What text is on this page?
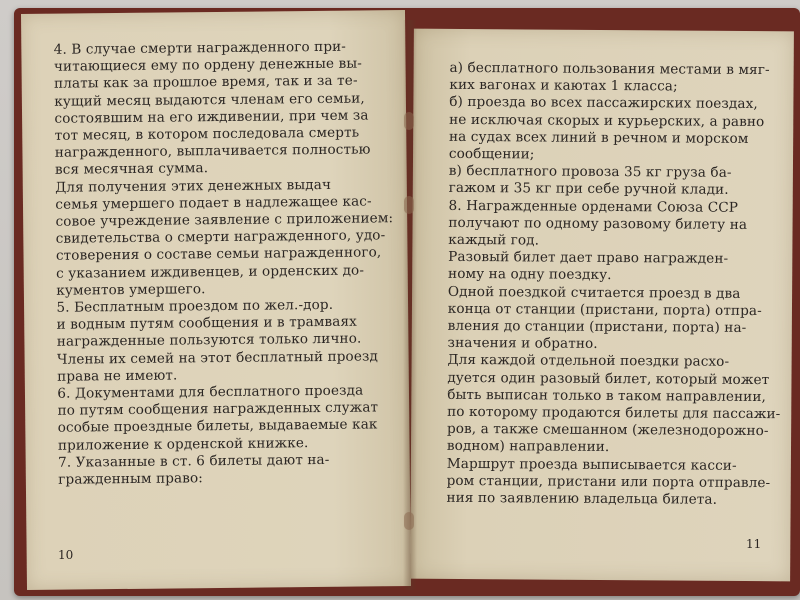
4. В случае смерти награжденного при-

читающиеся ему по ордену денежные вы-

платы как за прошлое время, так и за те-

кущий месяц выдаются членам его семьи,

состоявшим на его иждивении, при чем за

тот месяц, в котором последовала смерть

награжденного, выплачивается полностью

вся месячная сумма.

Для получения этих денежных выдач

семья умершего подает в надлежащее кас-

совое учреждение заявление с приложением:

свидетельства о смерти награжденного, удо-

стоверения о составе семьи награжденного,

с указанием иждивенцев, и орденских до-

кументов умершего.

5. Бесплатным проездом по жел.-дор.

и водным путям сообщения и в трамваях

награжденные пользуются только лично.

Члены их семей на этот бесплатный проезд

права не имеют.

6. Документами для бесплатного проезда

по путям сообщения награжденных служат

особые проездные билеты, выдаваемые как

приложение к орденской книжке.

7. Указанные в ст. 6 билеты дают на-

гражденным право:

10

а) бесплатного пользования местами в мяг-

ких вагонах и каютах 1 класса;

б) проезда во всех пассажирских поездах,

не исключая скорых и курьерских, а равно

на судах всех линий в речном и морском

сообщении;

в) бесплатного провоза 35 кг груза ба-

гажом и 35 кг при себе ручной клади.

8. Награжденные орденами Союза ССР

получают по одному разовому билету на

каждый год.

Разовый билет дает право награжден-

ному на одну поездку.

Одной поездкой считается проезд в два

конца от станции (пристани, порта) отпра-

вления до станции (пристани, порта) на-

значения и обратно.

Для каждой отдельной поездки расхо-

дуется один разовый билет, который может

быть выписан только в таком направлении,

по которому продаются билеты для пассажи-

ров, а также смешанном (железнодорожно-

водном) направлении.

Маршрут проезда выписывается касси-

ром станции, пристани или порта отправле-

ния по заявлению владельца билета.

11
